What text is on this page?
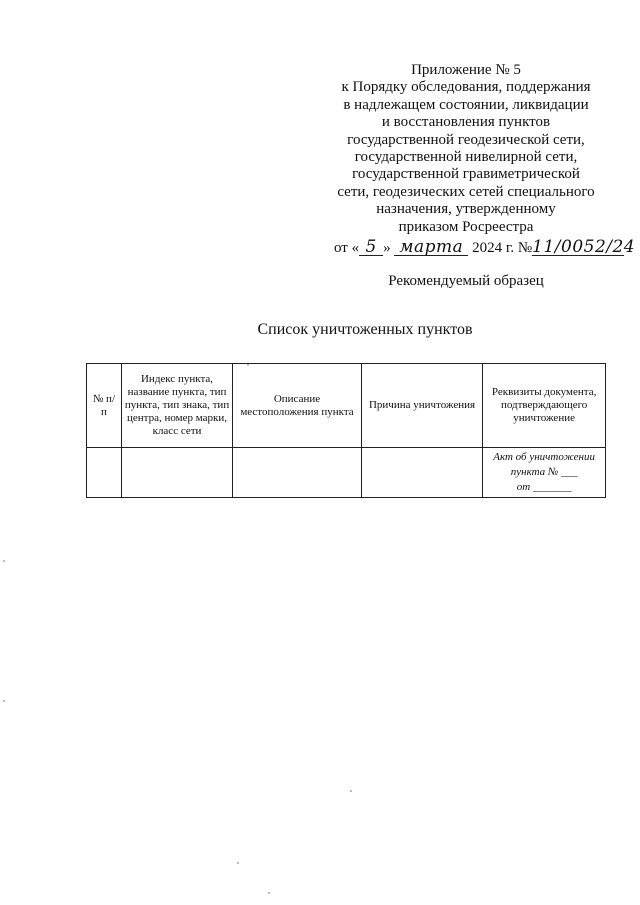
Приложение № 5
к Порядку обследования, поддержания
в надлежащем состоянии, ликвидации
и восстановления пунктов
государственной геодезической сети,
государственной нивелирной сети,
государственной гравиметрической
сети, геодезических сетей специального
назначения, утвержденному
приказом Росреестра
от « 5 » марта 2024 г. №11/0052/24
Рекомендуемый образец
Список уничтоженных пунктов
№ п/п	Индекс пункта, название пункта, тип пункта, тип знака, тип центра, номер марки, класс сети	Описание местоположения пункта	Причина уничтожения	Реквизиты документа, подтверждающего уничтожение

				Акт об уничтожении
пункта № ___
от _______
